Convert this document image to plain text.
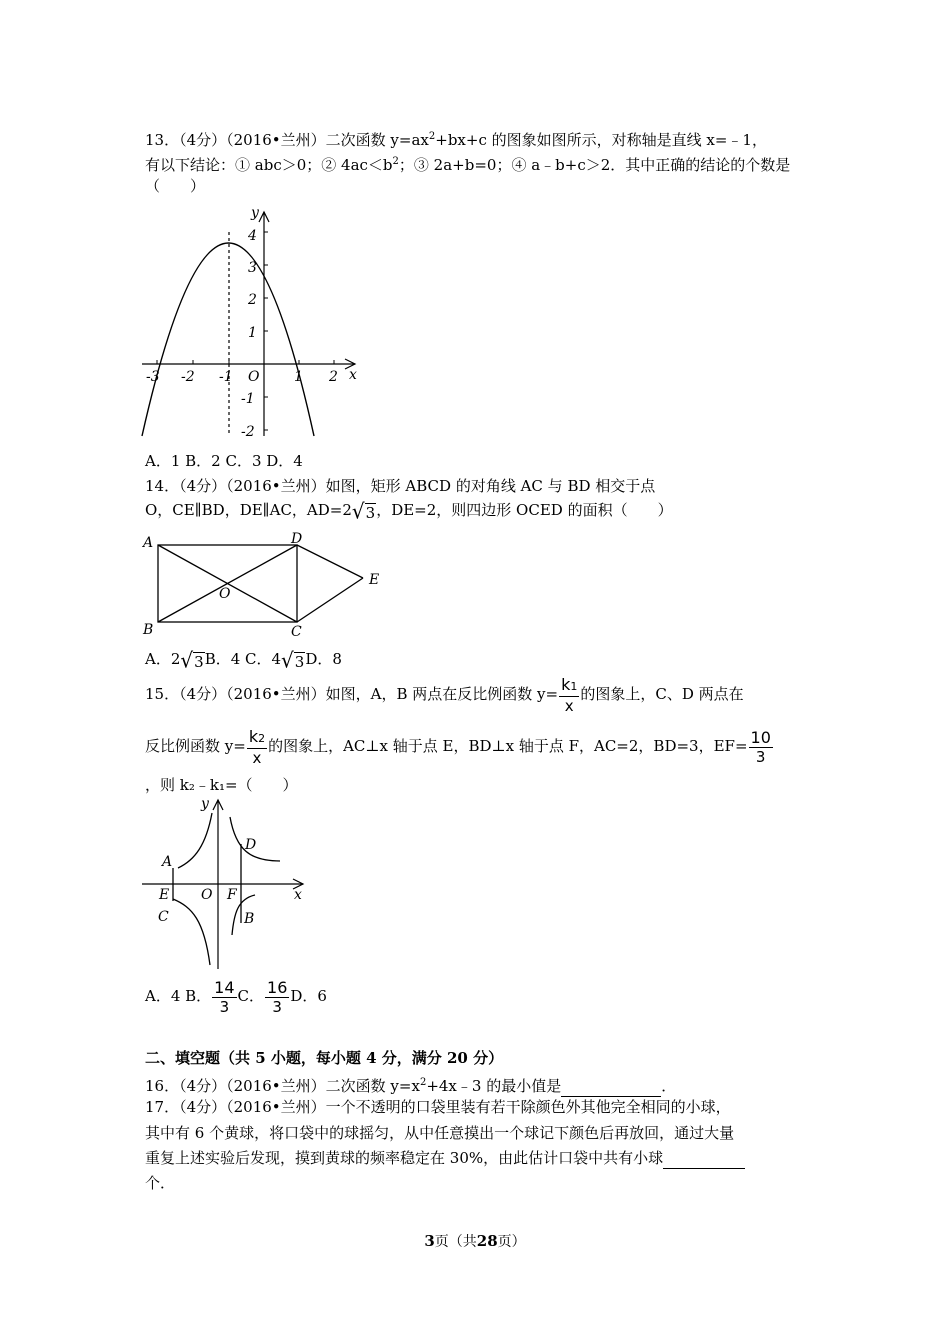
13．（4分）（2016•兰州）二次函数 $y=ax^2+bx+c$ 的图象如图所示，对称轴是直线 x=﹣1，
有以下结论：① abc＞0；② $4ac<b^2$；③ 2a+b=0；④ a﹣b+c＞2．其中正确的结论的个数是
（　　）
-3 -2 -1	1 2
4
3
2
1
-1
-2
O	x
y
A．1 B．2 C．3 D．4
14．（4分）（2016•兰州）如图，矩形 ABCD 的对角线 AC 与 BD 相交于点
O，CE∥BD，DE∥AC，AD=2√3，DE=2，则四边形 OCED 的面积（　　）
A
B	C
D
E
O
A．2√3B．4 C．4√3D．8
15．（4分）（2016•兰州）如图，A，B 两点在反比例函数 $y= \frac{k1}{x}$ 的图象上，C、D 两点在
反比例函数 $y= \frac{k2}{x}$ 的图象上，AC⊥x 轴于点 E，BD⊥x 轴于点 F，AC=2，BD=3，$EF= \frac{10}{3}$
，则 k₂﹣k₁=（　　）
A
B
C
D
E	F
O	x
y
A．4 B． $\frac{14}{3}$ C． $\frac{16}{3}$ D．6
二、填空题（共 5 小题，每小题 4 分，满分 20 分）
16．（4分）（2016•兰州）二次函数 $y=x^2+4x﹣3$ 的最小值是	．
17．（4分）（2016•兰州）一个不透明的口袋里装有若干除颜色外其他完全相同的小球，
其中有 6 个黄球，将口袋中的球摇匀，从中任意摸出一个球记下颜色后再放回，通过大量
重复上述实验后发现，摸到黄球的频率稳定在 30%，由此估计口袋中共有小球
个．
3页（共28页）
